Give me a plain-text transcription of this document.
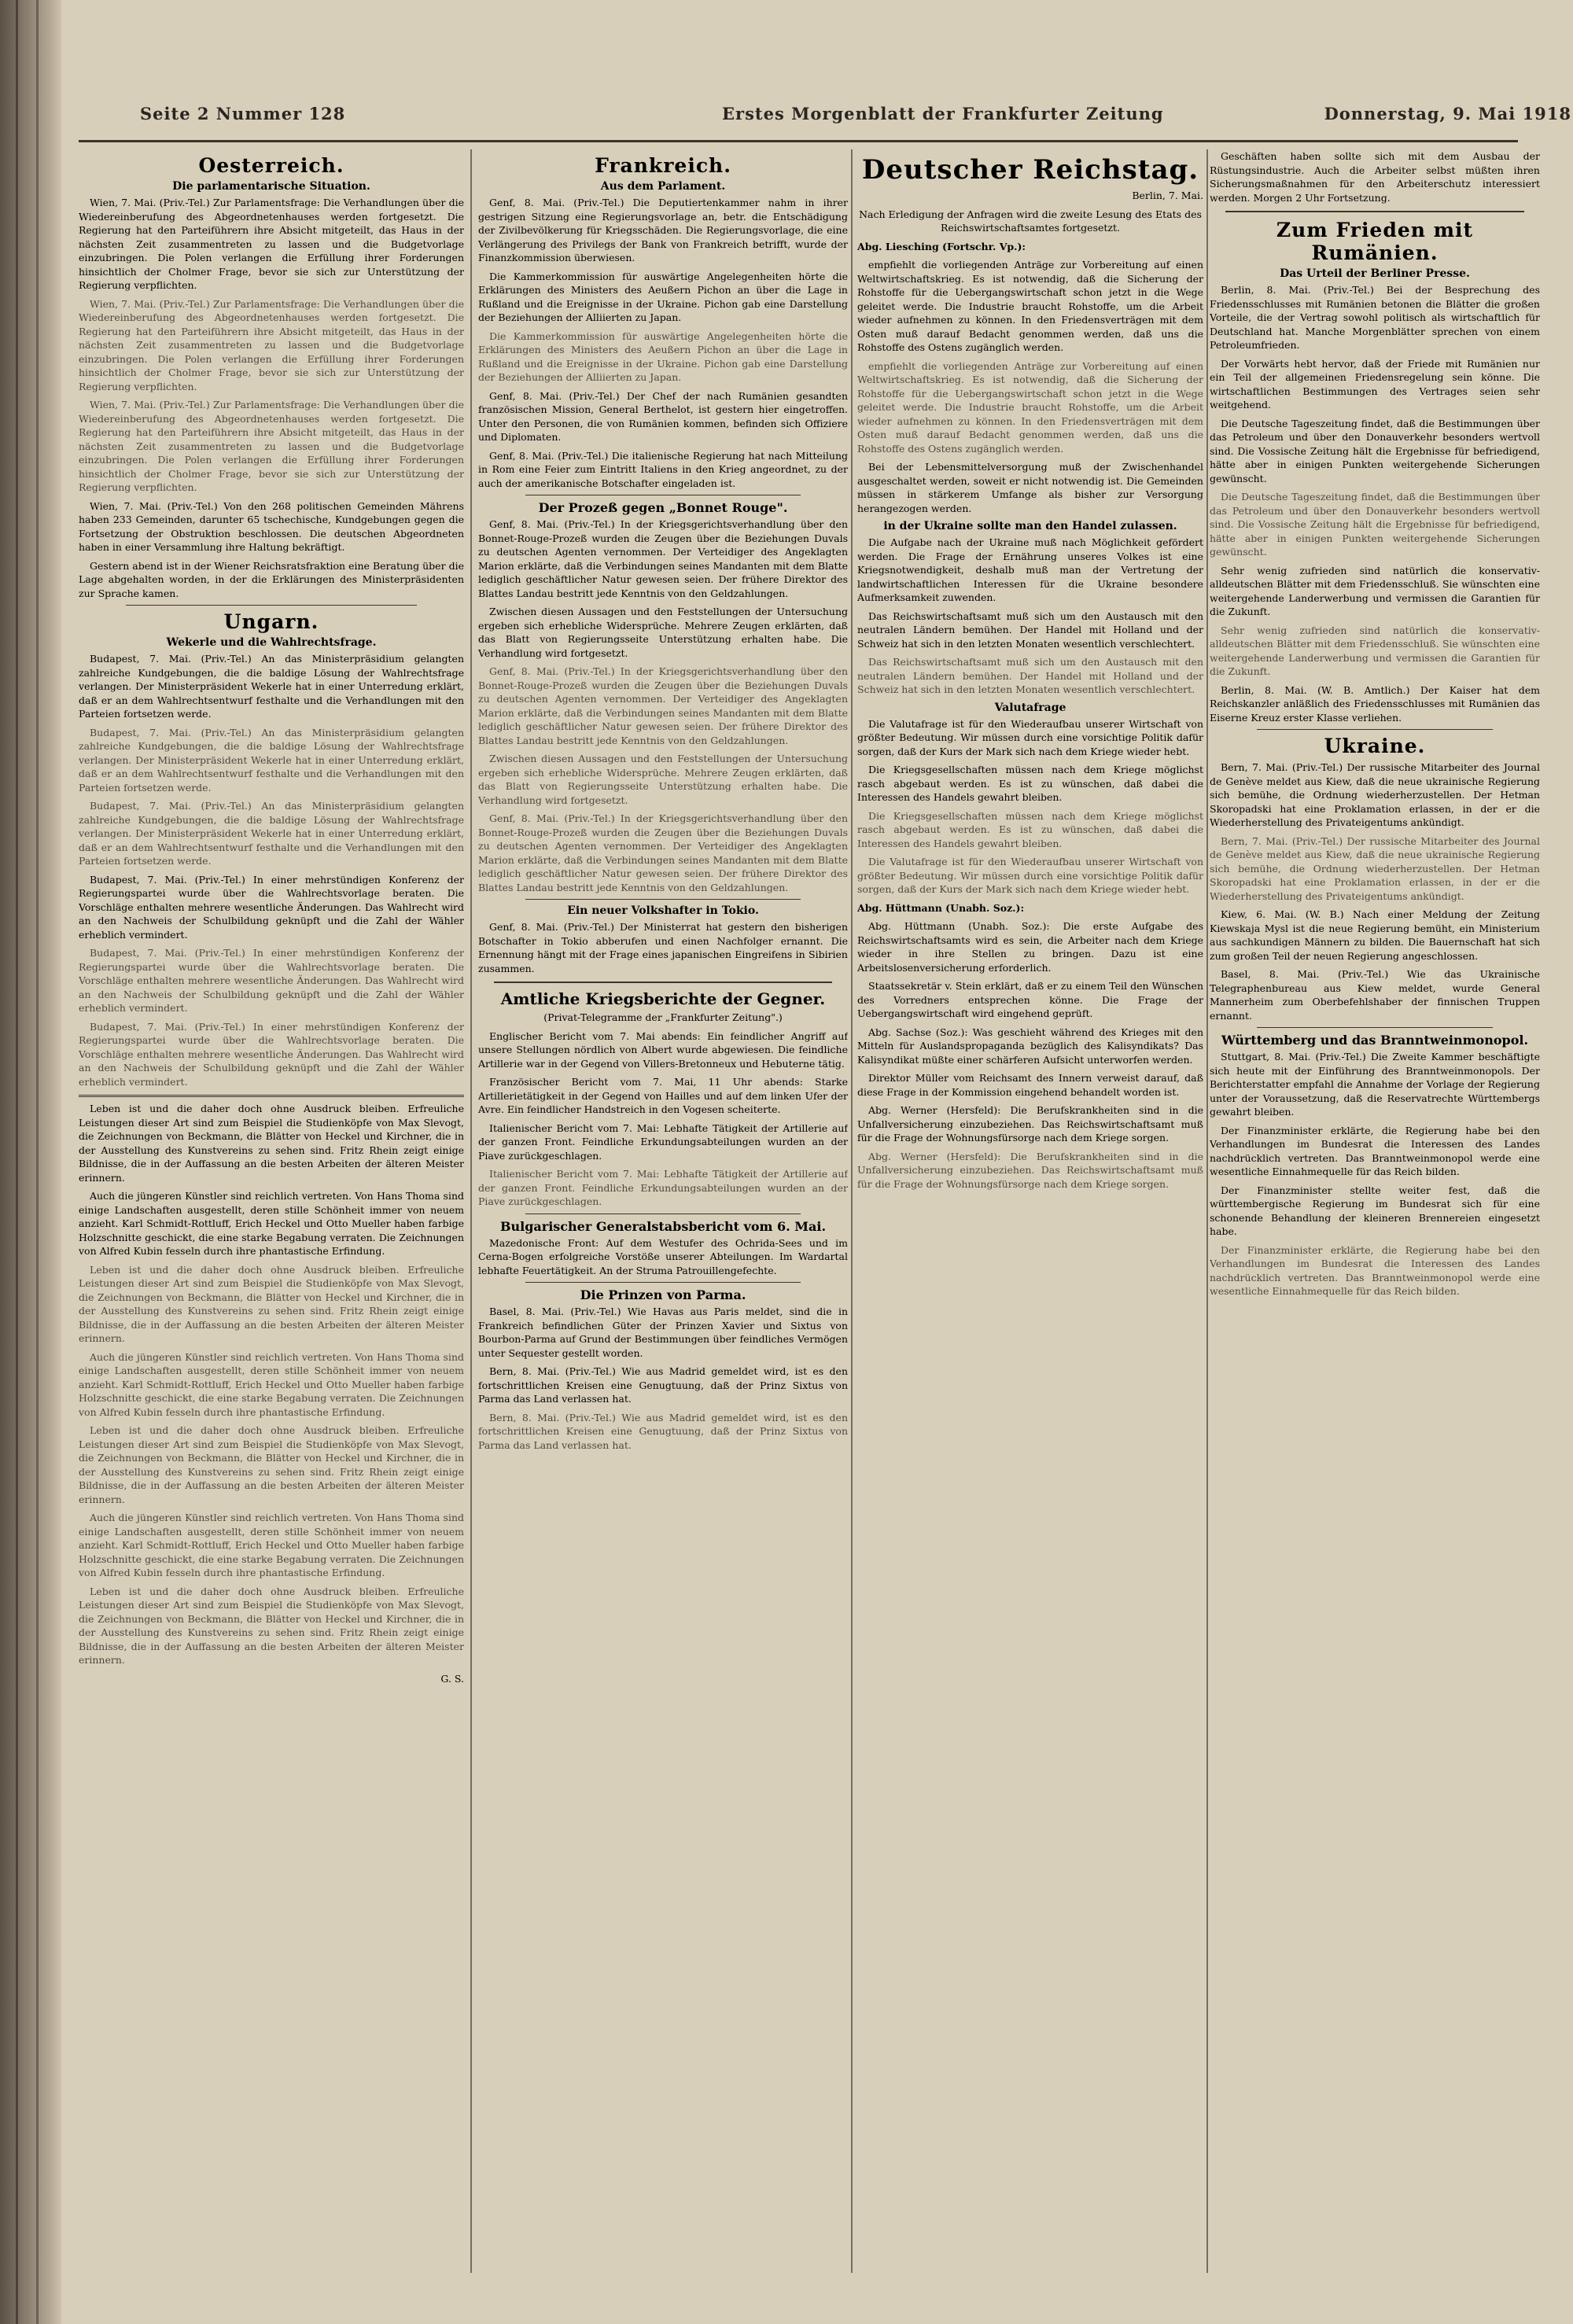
Seite 2 Nummer 128	Erstes Morgenblatt der Frankfurter Zeitung	Donnerstag, 9. Mai 1918
Oesterreich.
Die parlamentarische Situation.

Wien, 7. Mai. (Priv.-Tel.) Zur Parlamentsfrage: Die Verhandlungen über die Wiedereinberufung des Abgeordnetenhauses werden fortgesetzt. Die Regierung hat den Parteiführern ihre Absicht mitgeteilt, das Haus in der nächsten Zeit zusammentreten zu lassen und die Budgetvorlage einzubringen. Die Polen verlangen die Erfüllung ihrer Forderungen hinsichtlich der Cholmer Frage, bevor sie sich zur Unterstützung der Regierung verpflichten.

Wien, 7. Mai. (Priv.-Tel.) Zur Parlamentsfrage: Die Verhandlungen über die Wiedereinberufung des Abgeordnetenhauses werden fortgesetzt. Die Regierung hat den Parteiführern ihre Absicht mitgeteilt, das Haus in der nächsten Zeit zusammentreten zu lassen und die Budgetvorlage einzubringen. Die Polen verlangen die Erfüllung ihrer Forderungen hinsichtlich der Cholmer Frage, bevor sie sich zur Unterstützung der Regierung verpflichten.

Wien, 7. Mai. (Priv.-Tel.) Zur Parlamentsfrage: Die Verhandlungen über die Wiedereinberufung des Abgeordnetenhauses werden fortgesetzt. Die Regierung hat den Parteiführern ihre Absicht mitgeteilt, das Haus in der nächsten Zeit zusammentreten zu lassen und die Budgetvorlage einzubringen. Die Polen verlangen die Erfüllung ihrer Forderungen hinsichtlich der Cholmer Frage, bevor sie sich zur Unterstützung der Regierung verpflichten.

Wien, 7. Mai. (Priv.-Tel.) Von den 268 politischen Gemeinden Mährens haben 233 Gemeinden, darunter 65 tschechische, Kundgebungen gegen die Fortsetzung der Obstruktion beschlossen. Die deutschen Abgeordneten haben in einer Versammlung ihre Haltung bekräftigt.

Gestern abend ist in der Wiener Reichsratsfraktion eine Beratung über die Lage abgehalten worden, in der die Erklärungen des Ministerpräsidenten zur Sprache kamen.

Ungarn.
Wekerle und die Wahlrechtsfrage.

Budapest, 7. Mai. (Priv.-Tel.) An das Ministerpräsidium gelangten zahlreiche Kundgebungen, die die baldige Lösung der Wahlrechtsfrage verlangen. Der Ministerpräsident Wekerle hat in einer Unterredung erklärt, daß er an dem Wahlrechtsentwurf festhalte und die Verhandlungen mit den Parteien fortsetzen werde.

Budapest, 7. Mai. (Priv.-Tel.) An das Ministerpräsidium gelangten zahlreiche Kundgebungen, die die baldige Lösung der Wahlrechtsfrage verlangen. Der Ministerpräsident Wekerle hat in einer Unterredung erklärt, daß er an dem Wahlrechtsentwurf festhalte und die Verhandlungen mit den Parteien fortsetzen werde.

Budapest, 7. Mai. (Priv.-Tel.) An das Ministerpräsidium gelangten zahlreiche Kundgebungen, die die baldige Lösung der Wahlrechtsfrage verlangen. Der Ministerpräsident Wekerle hat in einer Unterredung erklärt, daß er an dem Wahlrechtsentwurf festhalte und die Verhandlungen mit den Parteien fortsetzen werde.

Budapest, 7. Mai. (Priv.-Tel.) In einer mehrstündigen Konferenz der Regierungspartei wurde über die Wahlrechtsvorlage beraten. Die Vorschläge enthalten mehrere wesentliche Änderungen. Das Wahlrecht wird an den Nachweis der Schulbildung geknüpft und die Zahl der Wähler erheblich vermindert.

Budapest, 7. Mai. (Priv.-Tel.) In einer mehrstündigen Konferenz der Regierungspartei wurde über die Wahlrechtsvorlage beraten. Die Vorschläge enthalten mehrere wesentliche Änderungen. Das Wahlrecht wird an den Nachweis der Schulbildung geknüpft und die Zahl der Wähler erheblich vermindert.

Budapest, 7. Mai. (Priv.-Tel.) In einer mehrstündigen Konferenz der Regierungspartei wurde über die Wahlrechtsvorlage beraten. Die Vorschläge enthalten mehrere wesentliche Änderungen. Das Wahlrecht wird an den Nachweis der Schulbildung geknüpft und die Zahl der Wähler erheblich vermindert.

Leben ist und die daher doch ohne Ausdruck bleiben. Erfreuliche Leistungen dieser Art sind zum Beispiel die Studienköpfe von Max Slevogt, die Zeichnungen von Beckmann, die Blätter von Heckel und Kirchner, die in der Ausstellung des Kunstvereins zu sehen sind. Fritz Rhein zeigt einige Bildnisse, die in der Auffassung an die besten Arbeiten der älteren Meister erinnern.

Auch die jüngeren Künstler sind reichlich vertreten. Von Hans Thoma sind einige Landschaften ausgestellt, deren stille Schönheit immer von neuem anzieht. Karl Schmidt-Rottluff, Erich Heckel und Otto Mueller haben farbige Holzschnitte geschickt, die eine starke Begabung verraten. Die Zeichnungen von Alfred Kubin fesseln durch ihre phantastische Erfindung.

Leben ist und die daher doch ohne Ausdruck bleiben. Erfreuliche Leistungen dieser Art sind zum Beispiel die Studienköpfe von Max Slevogt, die Zeichnungen von Beckmann, die Blätter von Heckel und Kirchner, die in der Ausstellung des Kunstvereins zu sehen sind. Fritz Rhein zeigt einige Bildnisse, die in der Auffassung an die besten Arbeiten der älteren Meister erinnern.

Auch die jüngeren Künstler sind reichlich vertreten. Von Hans Thoma sind einige Landschaften ausgestellt, deren stille Schönheit immer von neuem anzieht. Karl Schmidt-Rottluff, Erich Heckel und Otto Mueller haben farbige Holzschnitte geschickt, die eine starke Begabung verraten. Die Zeichnungen von Alfred Kubin fesseln durch ihre phantastische Erfindung.

Leben ist und die daher doch ohne Ausdruck bleiben. Erfreuliche Leistungen dieser Art sind zum Beispiel die Studienköpfe von Max Slevogt, die Zeichnungen von Beckmann, die Blätter von Heckel und Kirchner, die in der Ausstellung des Kunstvereins zu sehen sind. Fritz Rhein zeigt einige Bildnisse, die in der Auffassung an die besten Arbeiten der älteren Meister erinnern.

Auch die jüngeren Künstler sind reichlich vertreten. Von Hans Thoma sind einige Landschaften ausgestellt, deren stille Schönheit immer von neuem anzieht. Karl Schmidt-Rottluff, Erich Heckel und Otto Mueller haben farbige Holzschnitte geschickt, die eine starke Begabung verraten. Die Zeichnungen von Alfred Kubin fesseln durch ihre phantastische Erfindung.

Leben ist und die daher doch ohne Ausdruck bleiben. Erfreuliche Leistungen dieser Art sind zum Beispiel die Studienköpfe von Max Slevogt, die Zeichnungen von Beckmann, die Blätter von Heckel und Kirchner, die in der Ausstellung des Kunstvereins zu sehen sind. Fritz Rhein zeigt einige Bildnisse, die in der Auffassung an die besten Arbeiten der älteren Meister erinnern.

G. S.

Frankreich.
Aus dem Parlament.

Genf, 8. Mai. (Priv.-Tel.) Die Deputiertenkammer nahm in ihrer gestrigen Sitzung eine Regierungsvorlage an, betr. die Entschädigung der Zivilbevölkerung für Kriegsschäden. Die Regierungsvorlage, die eine Verlängerung des Privilegs der Bank von Frankreich betrifft, wurde der Finanzkommission überwiesen.

Die Kammerkommission für auswärtige Angelegenheiten hörte die Erklärungen des Ministers des Aeußern Pichon an über die Lage in Rußland und die Ereignisse in der Ukraine. Pichon gab eine Darstellung der Beziehungen der Alliierten zu Japan.

Die Kammerkommission für auswärtige Angelegenheiten hörte die Erklärungen des Ministers des Aeußern Pichon an über die Lage in Rußland und die Ereignisse in der Ukraine. Pichon gab eine Darstellung der Beziehungen der Alliierten zu Japan.

Genf, 8. Mai. (Priv.-Tel.) Der Chef der nach Rumänien gesandten französischen Mission, General Berthelot, ist gestern hier eingetroffen. Unter den Personen, die von Rumänien kommen, befinden sich Offiziere und Diplomaten.

Genf, 8. Mai. (Priv.-Tel.) Die italienische Regierung hat nach Mitteilung in Rom eine Feier zum Eintritt Italiens in den Krieg angeordnet, zu der auch der amerikanische Botschafter eingeladen ist.

Der Prozeß gegen „Bonnet Rouge".

Genf, 8. Mai. (Priv.-Tel.) In der Kriegsgerichtsverhandlung über den Bonnet-Rouge-Prozeß wurden die Zeugen über die Beziehungen Duvals zu deutschen Agenten vernommen. Der Verteidiger des Angeklagten Marion erklärte, daß die Verbindungen seines Mandanten mit dem Blatte lediglich geschäftlicher Natur gewesen seien. Der frühere Direktor des Blattes Landau bestritt jede Kenntnis von den Geldzahlungen.

Zwischen diesen Aussagen und den Feststellungen der Untersuchung ergeben sich erhebliche Widersprüche. Mehrere Zeugen erklärten, daß das Blatt von Regierungsseite Unterstützung erhalten habe. Die Verhandlung wird fortgesetzt.

Genf, 8. Mai. (Priv.-Tel.) In der Kriegsgerichtsverhandlung über den Bonnet-Rouge-Prozeß wurden die Zeugen über die Beziehungen Duvals zu deutschen Agenten vernommen. Der Verteidiger des Angeklagten Marion erklärte, daß die Verbindungen seines Mandanten mit dem Blatte lediglich geschäftlicher Natur gewesen seien. Der frühere Direktor des Blattes Landau bestritt jede Kenntnis von den Geldzahlungen.

Zwischen diesen Aussagen und den Feststellungen der Untersuchung ergeben sich erhebliche Widersprüche. Mehrere Zeugen erklärten, daß das Blatt von Regierungsseite Unterstützung erhalten habe. Die Verhandlung wird fortgesetzt.

Genf, 8. Mai. (Priv.-Tel.) In der Kriegsgerichtsverhandlung über den Bonnet-Rouge-Prozeß wurden die Zeugen über die Beziehungen Duvals zu deutschen Agenten vernommen. Der Verteidiger des Angeklagten Marion erklärte, daß die Verbindungen seines Mandanten mit dem Blatte lediglich geschäftlicher Natur gewesen seien. Der frühere Direktor des Blattes Landau bestritt jede Kenntnis von den Geldzahlungen.

Ein neuer Volkshafter in Tokio.

Genf, 8. Mai. (Priv.-Tel.) Der Ministerrat hat gestern den bisherigen Botschafter in Tokio abberufen und einen Nachfolger ernannt. Die Ernennung hängt mit der Frage eines japanischen Eingreifens in Sibirien zusammen.

Amtliche Kriegsberichte der Gegner.

(Privat-Telegramme der „Frankfurter Zeitung".)

Englischer Bericht vom 7. Mai abends: Ein feindlicher Angriff auf unsere Stellungen nördlich von Albert wurde abgewiesen. Die feindliche Artillerie war in der Gegend von Villers-Bretonneux und Hebuterne tätig.

Französischer Bericht vom 7. Mai, 11 Uhr abends: Starke Artillerietätigkeit in der Gegend von Hailles und auf dem linken Ufer der Avre. Ein feindlicher Handstreich in den Vogesen scheiterte.

Italienischer Bericht vom 7. Mai: Lebhafte Tätigkeit der Artillerie auf der ganzen Front. Feindliche Erkundungsabteilungen wurden an der Piave zurückgeschlagen.

Italienischer Bericht vom 7. Mai: Lebhafte Tätigkeit der Artillerie auf der ganzen Front. Feindliche Erkundungsabteilungen wurden an der Piave zurückgeschlagen.

Bulgarischer Generalstabsbericht vom 6. Mai.

Mazedonische Front: Auf dem Westufer des Ochrida-Sees und im Cerna-Bogen erfolgreiche Vorstöße unserer Abteilungen. Im Wardartal lebhafte Feuertätigkeit. An der Struma Patrouillengefechte.

Die Prinzen von Parma.

Basel, 8. Mai. (Priv.-Tel.) Wie Havas aus Paris meldet, sind die in Frankreich befindlichen Güter der Prinzen Xavier und Sixtus von Bourbon-Parma auf Grund der Bestimmungen über feindliches Vermögen unter Sequester gestellt worden.

Bern, 8. Mai. (Priv.-Tel.) Wie aus Madrid gemeldet wird, ist es den fortschrittlichen Kreisen eine Genugtuung, daß der Prinz Sixtus von Parma das Land verlassen hat.

Bern, 8. Mai. (Priv.-Tel.) Wie aus Madrid gemeldet wird, ist es den fortschrittlichen Kreisen eine Genugtuung, daß der Prinz Sixtus von Parma das Land verlassen hat.

Deutscher Reichstag.

Berlin, 7. Mai.

Nach Erledigung der Anfragen wird die zweite Lesung des Etats des Reichswirtschaftsamtes fortgesetzt.

Abg. Liesching (Fortschr. Vp.):

empfiehlt die vorliegenden Anträge zur Vorbereitung auf einen Weltwirtschaftskrieg. Es ist notwendig, daß die Sicherung der Rohstoffe für die Uebergangswirtschaft schon jetzt in die Wege geleitet werde. Die Industrie braucht Rohstoffe, um die Arbeit wieder aufnehmen zu können. In den Friedensverträgen mit dem Osten muß darauf Bedacht genommen werden, daß uns die Rohstoffe des Ostens zugänglich werden.

empfiehlt die vorliegenden Anträge zur Vorbereitung auf einen Weltwirtschaftskrieg. Es ist notwendig, daß die Sicherung der Rohstoffe für die Uebergangswirtschaft schon jetzt in die Wege geleitet werde. Die Industrie braucht Rohstoffe, um die Arbeit wieder aufnehmen zu können. In den Friedensverträgen mit dem Osten muß darauf Bedacht genommen werden, daß uns die Rohstoffe des Ostens zugänglich werden.

Bei der Lebensmittelversorgung muß der Zwischenhandel ausgeschaltet werden, soweit er nicht notwendig ist. Die Gemeinden müssen in stärkerem Umfange als bisher zur Versorgung herangezogen werden.

in der Ukraine sollte man den Handel zulassen.

Die Aufgabe nach der Ukraine muß nach Möglichkeit gefördert werden. Die Frage der Ernährung unseres Volkes ist eine Kriegsnotwendigkeit, deshalb muß man der Vertretung der landwirtschaftlichen Interessen für die Ukraine besondere Aufmerksamkeit zuwenden.

Das Reichswirtschaftsamt muß sich um den Austausch mit den neutralen Ländern bemühen. Der Handel mit Holland und der Schweiz hat sich in den letzten Monaten wesentlich verschlechtert.

Das Reichswirtschaftsamt muß sich um den Austausch mit den neutralen Ländern bemühen. Der Handel mit Holland und der Schweiz hat sich in den letzten Monaten wesentlich verschlechtert.

Valutafrage

Die Valutafrage ist für den Wiederaufbau unserer Wirtschaft von größter Bedeutung. Wir müssen durch eine vorsichtige Politik dafür sorgen, daß der Kurs der Mark sich nach dem Kriege wieder hebt.

Die Kriegsgesellschaften müssen nach dem Kriege möglichst rasch abgebaut werden. Es ist zu wünschen, daß dabei die Interessen des Handels gewahrt bleiben.

Die Kriegsgesellschaften müssen nach dem Kriege möglichst rasch abgebaut werden. Es ist zu wünschen, daß dabei die Interessen des Handels gewahrt bleiben.

Die Valutafrage ist für den Wiederaufbau unserer Wirtschaft von größter Bedeutung. Wir müssen durch eine vorsichtige Politik dafür sorgen, daß der Kurs der Mark sich nach dem Kriege wieder hebt.

Abg. Hüttmann (Unabh. Soz.):

Abg. Hüttmann (Unabh. Soz.): Die erste Aufgabe des Reichswirtschaftsamts wird es sein, die Arbeiter nach dem Kriege wieder in ihre Stellen zu bringen. Dazu ist eine Arbeitslosenversicherung erforderlich.

Staatssekretär v. Stein erklärt, daß er zu einem Teil den Wünschen des Vorredners entsprechen könne. Die Frage der Uebergangswirtschaft wird eingehend geprüft.

Abg. Sachse (Soz.): Was geschieht während des Krieges mit den Mitteln für Auslandspropaganda bezüglich des Kalisyndikats? Das Kalisyndikat müßte einer schärferen Aufsicht unterworfen werden.

Direktor Müller vom Reichsamt des Innern verweist darauf, daß diese Frage in der Kommission eingehend behandelt worden ist.

Abg. Werner (Hersfeld): Die Berufskrankheiten sind in die Unfallversicherung einzubeziehen. Das Reichswirtschaftsamt muß für die Frage der Wohnungsfürsorge nach dem Kriege sorgen.

Abg. Werner (Hersfeld): Die Berufskrankheiten sind in die Unfallversicherung einzubeziehen. Das Reichswirtschaftsamt muß für die Frage der Wohnungsfürsorge nach dem Kriege sorgen.

Geschäften haben sollte sich mit dem Ausbau der Rüstungsindustrie. Auch die Arbeiter selbst müßten ihren Sicherungsmaßnahmen für den Arbeiterschutz interessiert werden. Morgen 2 Uhr Fortsetzung.

Zum Frieden mit Rumänien.
Das Urteil der Berliner Presse.

Berlin, 8. Mai. (Priv.-Tel.) Bei der Besprechung des Friedensschlusses mit Rumänien betonen die Blätter die großen Vorteile, die der Vertrag sowohl politisch als wirtschaftlich für Deutschland hat. Manche Morgenblätter sprechen von einem Petroleumfrieden.

Der Vorwärts hebt hervor, daß der Friede mit Rumänien nur ein Teil der allgemeinen Friedensregelung sein könne. Die wirtschaftlichen Bestimmungen des Vertrages seien sehr weitgehend.

Die Deutsche Tageszeitung findet, daß die Bestimmungen über das Petroleum und über den Donauverkehr besonders wertvoll sind. Die Vossische Zeitung hält die Ergebnisse für befriedigend, hätte aber in einigen Punkten weitergehende Sicherungen gewünscht.

Die Deutsche Tageszeitung findet, daß die Bestimmungen über das Petroleum und über den Donauverkehr besonders wertvoll sind. Die Vossische Zeitung hält die Ergebnisse für befriedigend, hätte aber in einigen Punkten weitergehende Sicherungen gewünscht.

Sehr wenig zufrieden sind natürlich die konservativ-alldeutschen Blätter mit dem Friedensschluß. Sie wünschten eine weitergehende Landerwerbung und vermissen die Garantien für die Zukunft.

Sehr wenig zufrieden sind natürlich die konservativ-alldeutschen Blätter mit dem Friedensschluß. Sie wünschten eine weitergehende Landerwerbung und vermissen die Garantien für die Zukunft.

Berlin, 8. Mai. (W. B. Amtlich.) Der Kaiser hat dem Reichskanzler anläßlich des Friedensschlusses mit Rumänien das Eiserne Kreuz erster Klasse verliehen.

Ukraine.

Bern, 7. Mai. (Priv.-Tel.) Der russische Mitarbeiter des Journal de Genève meldet aus Kiew, daß die neue ukrainische Regierung sich bemühe, die Ordnung wiederherzustellen. Der Hetman Skoropadski hat eine Proklamation erlassen, in der er die Wiederherstellung des Privateigentums ankündigt.

Bern, 7. Mai. (Priv.-Tel.) Der russische Mitarbeiter des Journal de Genève meldet aus Kiew, daß die neue ukrainische Regierung sich bemühe, die Ordnung wiederherzustellen. Der Hetman Skoropadski hat eine Proklamation erlassen, in der er die Wiederherstellung des Privateigentums ankündigt.

Kiew, 6. Mai. (W. B.) Nach einer Meldung der Zeitung Kiewskaja Mysl ist die neue Regierung bemüht, ein Ministerium aus sachkundigen Männern zu bilden. Die Bauernschaft hat sich zum großen Teil der neuen Regierung angeschlossen.

Basel, 8. Mai. (Priv.-Tel.) Wie das Ukrainische Telegraphenbureau aus Kiew meldet, wurde General Mannerheim zum Oberbefehlshaber der finnischen Truppen ernannt.

Württemberg und das Branntweinmonopol.

Stuttgart, 8. Mai. (Priv.-Tel.) Die Zweite Kammer beschäftigte sich heute mit der Einführung des Branntweinmonopols. Der Berichterstatter empfahl die Annahme der Vorlage der Regierung unter der Voraussetzung, daß die Reservatrechte Württembergs gewahrt bleiben.

Der Finanzminister erklärte, die Regierung habe bei den Verhandlungen im Bundesrat die Interessen des Landes nachdrücklich vertreten. Das Branntweinmonopol werde eine wesentliche Einnahmequelle für das Reich bilden.

Der Finanzminister stellte weiter fest, daß die württembergische Regierung im Bundesrat sich für eine schonende Behandlung der kleineren Brennereien eingesetzt habe.

Der Finanzminister erklärte, die Regierung habe bei den Verhandlungen im Bundesrat die Interessen des Landes nachdrücklich vertreten. Das Branntweinmonopol werde eine wesentliche Einnahmequelle für das Reich bilden.
